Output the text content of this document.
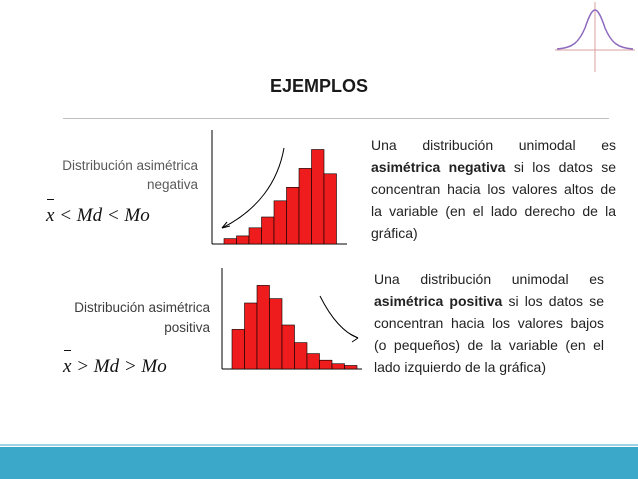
EJEMPLOS
Distribución asimétrica negativa
x < Md < Mo
Una distribución unimodal es asimétrica negativa si los datos se concentran hacia los valores altos de la variable (en el lado derecho de la gráfica)
Distribución asimétrica positiva
x > Md > Mo
Una distribución unimodal es asimétrica positiva si los datos se concentran hacia los valores bajos (o pequeños) de la variable (en el lado izquierdo de la gráfica)
